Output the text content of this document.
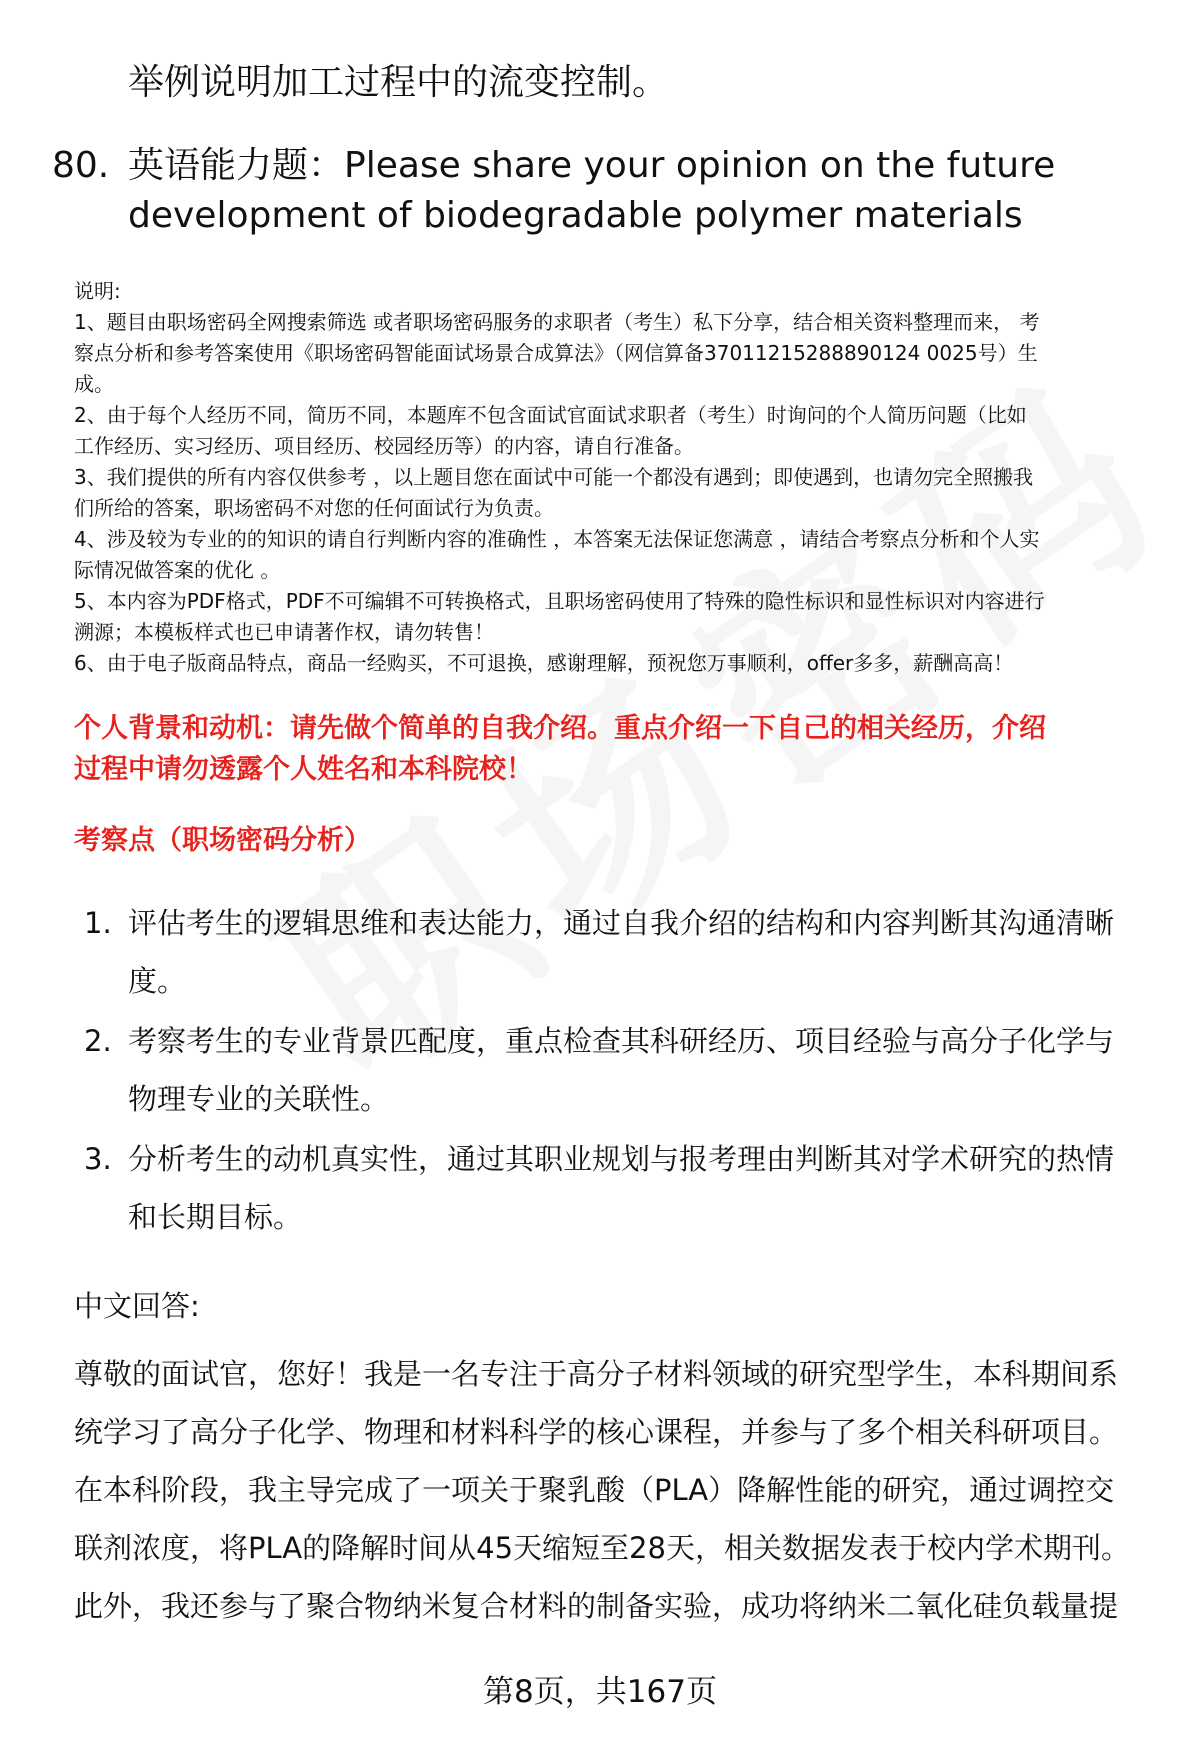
举例说明加工过程中的流变控制。
80. 英语能力题：Please share your opinion on the future
development of biodegradable polymer materials
说明:
1、题目由职场密码全网搜索筛选 或者职场密码服务的求职者（考生）私下分享，结合相关资料整理而来， 考
察点分析和参考答案使用《职场密码智能面试场景合成算法》（网信算备37011215288890124 0025号）生
成。
2、由于每个人经历不同，简历不同，本题库不包含面试官面试求职者（考生）时询问的个人简历问题（比如
工作经历、实习经历、项目经历、校园经历等）的内容，请自行准备。
3、我们提供的所有内容仅供参考 ，以上题目您在面试中可能一个都没有遇到；即使遇到，也请勿完全照搬我
们所给的答案，职场密码不对您的任何面试行为负责。
4、涉及较为专业的的知识的请自行判断内容的准确性 ，本答案无法保证您满意 ，请结合考察点分析和个人实
际情况做答案的优化 。
5、本内容为PDF格式，PDF不可编辑不可转换格式，且职场密码使用了特殊的隐性标识和显性标识对内容进行
溯源；本模板样式也已申请著作权，请勿转售！
6、由于电子版商品特点，商品一经购买，不可退换，感谢理解，预祝您万事顺利，offer多多，薪酬高高！
个人背景和动机：请先做个简单的自我介绍。重点介绍一下自己的相关经历，介绍
过程中请勿透露个人姓名和本科院校！
考察点（职场密码分析）
1. 评估考生的逻辑思维和表达能力，通过自我介绍的结构和内容判断其沟通清晰
度。
2. 考察考生的专业背景匹配度，重点检查其科研经历、项目经验与高分子化学与
物理专业的关联性。
3. 分析考生的动机真实性，通过其职业规划与报考理由判断其对学术研究的热情
和长期目标。
中文回答:
尊敬的面试官，您好！我是一名专注于高分子材料领域的研究型学生，本科期间系
统学习了高分子化学、物理和材料科学的核心课程，并参与了多个相关科研项目。
在本科阶段，我主导完成了一项关于聚乳酸（PLA）降解性能的研究，通过调控交
联剂浓度，将PLA的降解时间从45天缩短至28天，相关数据发表于校内学术期刊。
此外，我还参与了聚合物纳米复合材料的制备实验，成功将纳米二氧化硅负载量提
第8页，共167页
